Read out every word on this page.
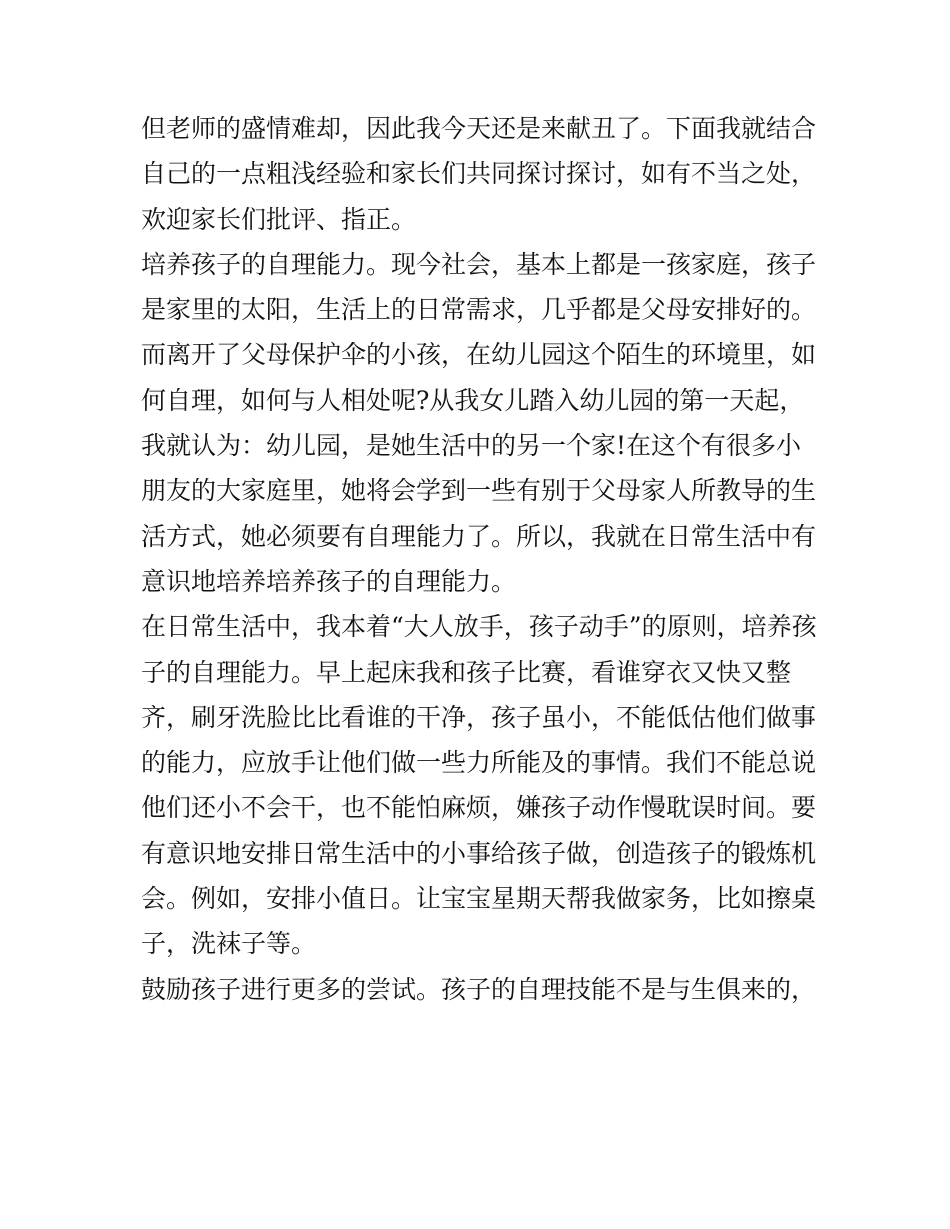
但老师的盛情难却，因此我今天还是来献丑了。下面我就结合
自己的一点粗浅经验和家长们共同探讨探讨，如有不当之处，
欢迎家长们批评、指正。
培养孩子的自理能力。现今社会，基本上都是一孩家庭，孩子
是家里的太阳，生活上的日常需求，几乎都是父母安排好的。
而离开了父母保护伞的小孩，在幼儿园这个陌生的环境里，如
何自理，如何与人相处呢?从我女儿踏入幼儿园的第一天起，
我就认为：幼儿园，是她生活中的另一个家!在这个有很多小
朋友的大家庭里，她将会学到一些有别于父母家人所教导的生
活方式，她必须要有自理能力了。所以，我就在日常生活中有
意识地培养培养孩子的自理能力。
在日常生活中，我本着“大人放手，孩子动手”的原则，培养孩
子的自理能力。早上起床我和孩子比赛，看谁穿衣又快又整
齐，刷牙洗脸比比看谁的干净，孩子虽小，不能低估他们做事
的能力，应放手让他们做一些力所能及的事情。我们不能总说
他们还小不会干，也不能怕麻烦，嫌孩子动作慢耽误时间。要
有意识地安排日常生活中的小事给孩子做，创造孩子的锻炼机
会。例如，安排小值日。让宝宝星期天帮我做家务，比如擦桌
子，洗袜子等。
鼓励孩子进行更多的尝试。孩子的自理技能不是与生俱来的，
